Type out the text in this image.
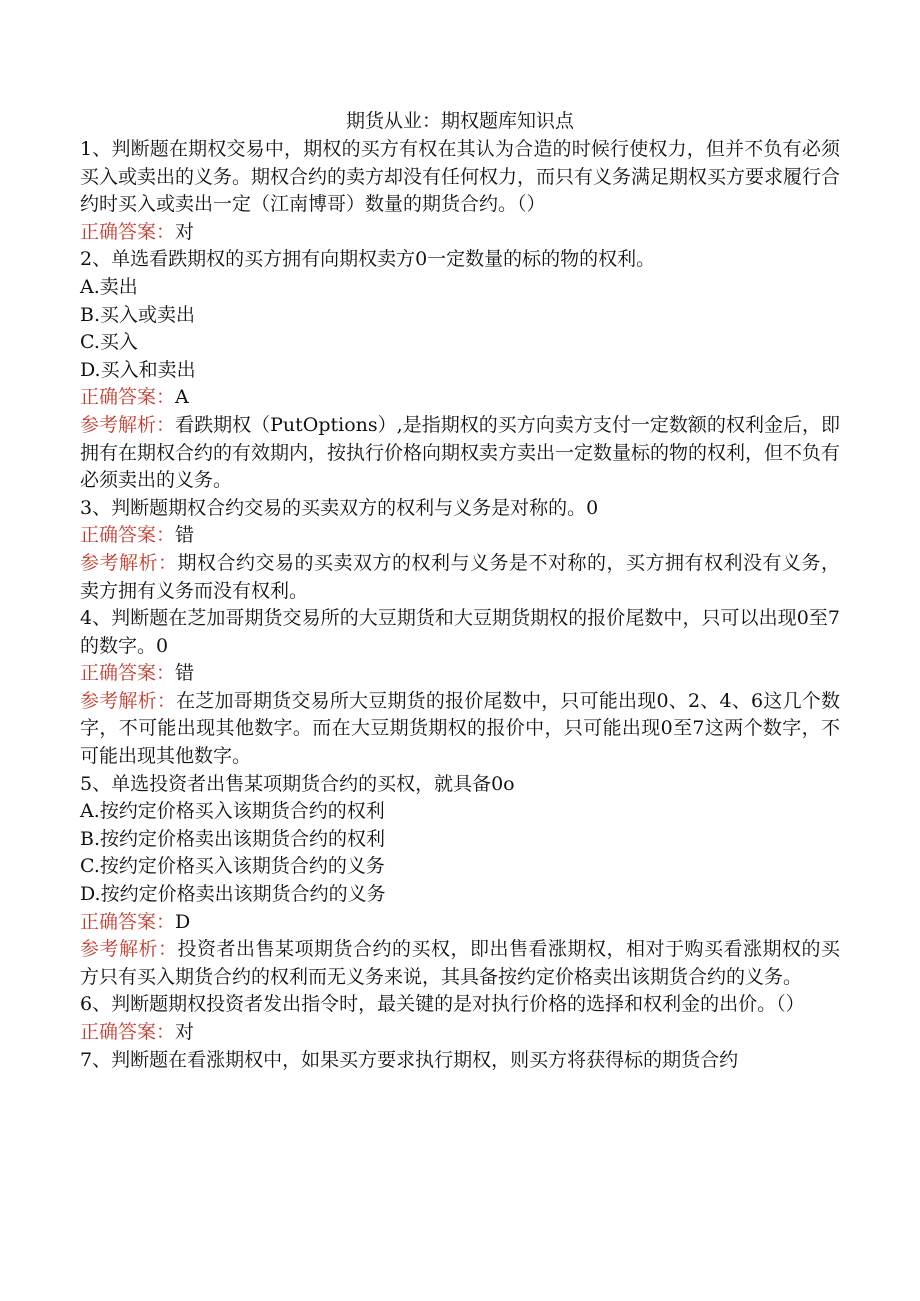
期货从业：期权题库知识点
1、判断题在期权交易中，期权的买方有权在其认为合造的时候行使权力，但并不负有必须买入或卖出的义务。期权合约的卖方却没有任何权力，而只有义务满足期权买方要求履行合约时买入或卖出一定（江南博哥）数量的期货合约。（）
正确答案：对
2、单选看跌期权的买方拥有向期权卖方0一定数量的标的物的权利。
A.卖出
B.买入或卖出
C.买入
D.买入和卖出
正确答案：A
参考解析：看跌期权（PutOptions）,是指期权的买方向卖方支付一定数额的权利金后，即拥有在期权合约的有效期内，按执行价格向期权卖方卖出一定数量标的物的权利，但不负有必须卖出的义务。
3、判断题期权合约交易的买卖双方的权利与义务是对称的。0
正确答案：错
参考解析：期权合约交易的买卖双方的权利与义务是不对称的，买方拥有权利没有义务，卖方拥有义务而没有权利。
4、判断题在芝加哥期货交易所的大豆期货和大豆期货期权的报价尾数中，只可以出现0至7的数字。0
正确答案：错
参考解析：在芝加哥期货交易所大豆期货的报价尾数中，只可能出现0、2、4、6这几个数字，不可能出现其他数字。而在大豆期货期权的报价中，只可能出现0至7这两个数字，不可能出现其他数字。
5、单选投资者出售某项期货合约的买权，就具备0o
A.按约定价格买入该期货合约的权利
B.按约定价格卖出该期货合约的权利
C.按约定价格买入该期货合约的义务
D.按约定价格卖出该期货合约的义务
正确答案：D
参考解析：投资者出售某项期货合约的买权，即出售看涨期权，相对于购买看涨期权的买方只有买入期货合约的权利而无义务来说，其具备按约定价格卖出该期货合约的义务。
6、判断题期权投资者发出指令时，最关键的是对执行价格的选择和权利金的出价。（）
正确答案：对
7、判断题在看涨期权中，如果买方要求执行期权，则买方将获得标的期货合约
